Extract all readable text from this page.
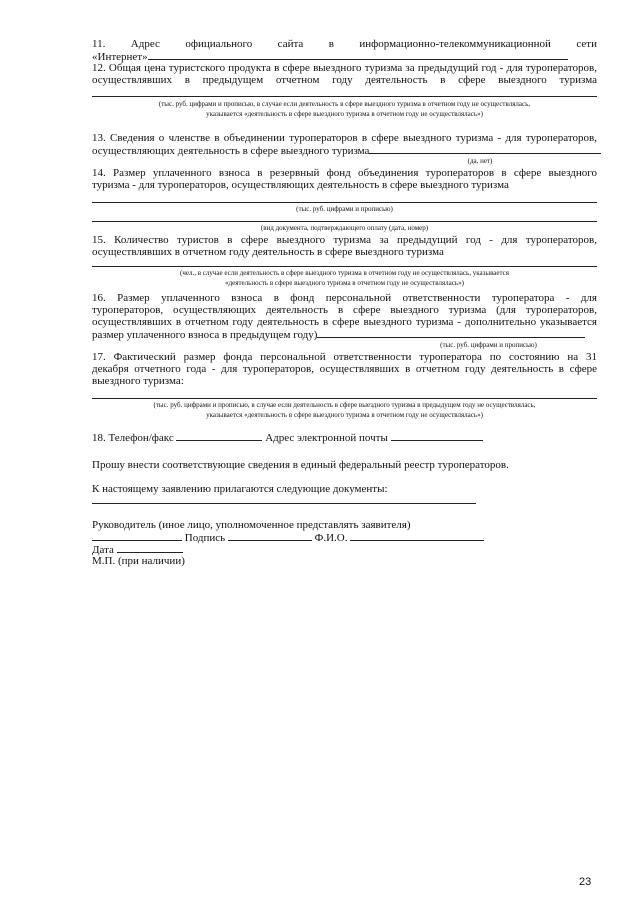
11. Адрес официального сайта в информационно-телекоммуникационной сети
«Интернет»
12. Общая цена туристского продукта в сфере выездного туризма за предыдущий год - для туроператоров,
осуществлявших в предыдущем отчетном году деятельность в сфере выездного туризма
(тыс. руб. цифрами и прописью, в случае если деятельность в сфере выездного туризма в отчетном году не осуществлялась,
указывается «деятельность в сфере выездного туризма в отчетном году не осуществлялась»)
13. Сведения о членстве в объединении туроператоров в сфере выездного туризма - для туроператоров,
осуществляющих деятельность в сфере выездного туризма
(да, нет)
14. Размер уплаченного взноса в резервный фонд объединения туроператоров в сфере выездного
туризма - для туроператоров, осуществляющих деятельность в сфере выездного туризма
(тыс. руб. цифрами и прописью)
(вид документа, подтверждающего оплату (дата, номер)
15. Количество туристов в сфере выездного туризма за предыдущий год - для туроператоров,
осуществлявших в отчетном году деятельность в сфере выездного туризма
(чел., в случае если деятельность в сфере выездного туризма в отчетном году не осуществлялась, указывается
«деятельность в сфере выездного туризма в отчетном году не осуществлялась»)
16. Размер уплаченного взноса в фонд персональной ответственности туроператора - для
туроператоров, осуществляющих деятельность в сфере выездного туризма (для туроператоров,
осуществлявших в отчетном году деятельность в сфере выездного туризма - дополнительно указывается
размер уплаченного взноса в предыдущем году)
(тыс. руб. цифрами и прописью)
17. Фактический размер фонда персональной ответственности туроператора по состоянию на 31
декабря отчетного года - для туроператоров, осуществлявших в отчетном году деятельность в сфере
выездного туризма:
(тыс. руб. цифрами и прописью, в случае если деятельность в сфере выездного туризма в предыдущем году не осуществлялась,
указывается «деятельность в сфере выездного туризма в отчетном году не осуществлялась»)
18. Телефон/факс	Адрес электронной почты
Прошу внести соответствующие сведения в единый федеральный реестр туроператоров.
К настоящему заявлению прилагаются следующие документы:
Руководитель (иное лицо, уполномоченное представлять заявителя)
Подпись	Ф.И.О.
Дата
М.П. (при наличии)
23
